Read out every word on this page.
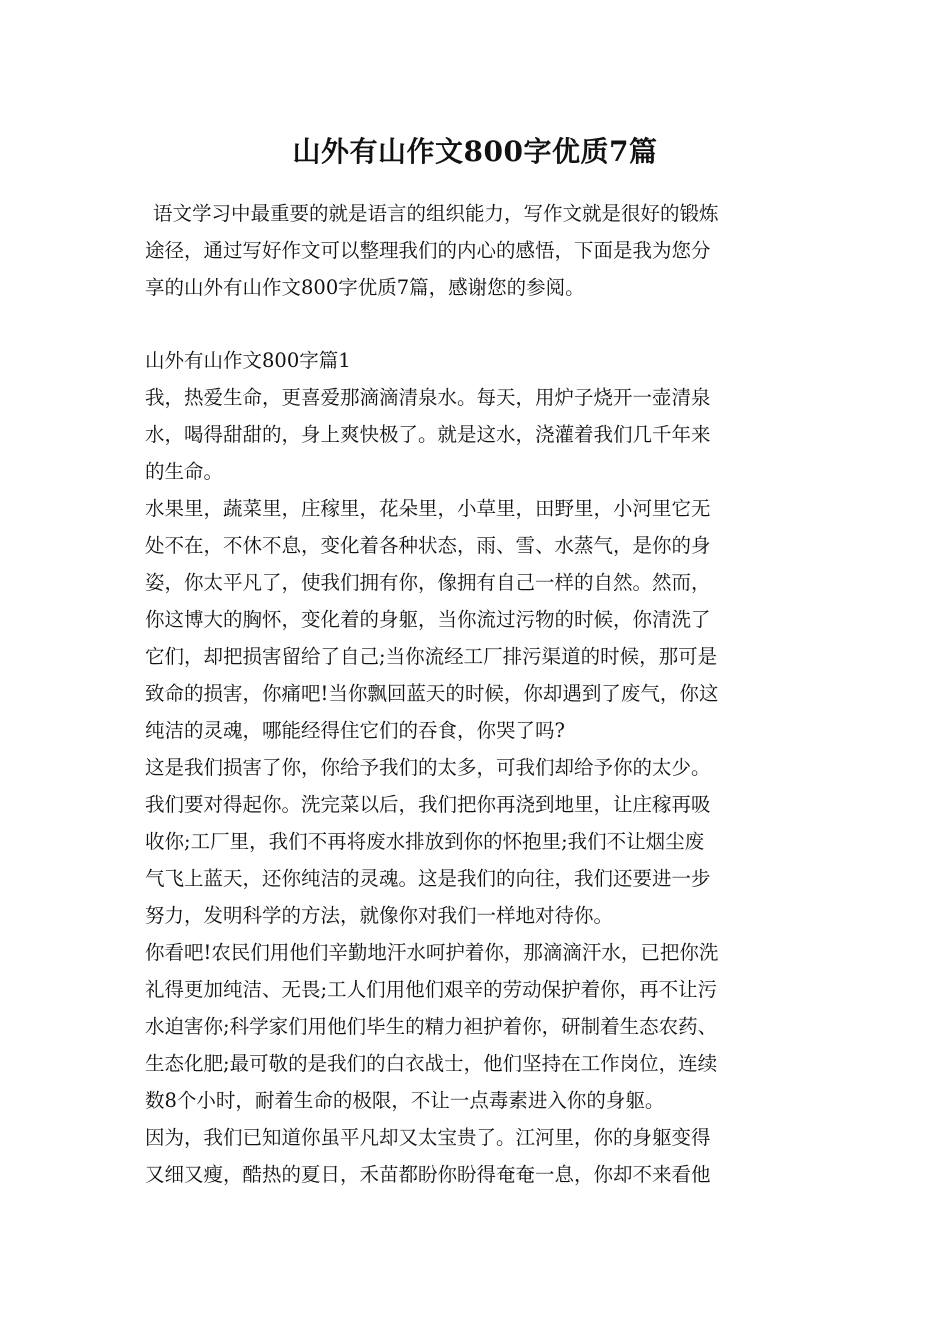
山外有山作文800字优质7篇
语文学习中最重要的就是语言的组织能力，写作文就是很好的锻炼
途径，通过写好作文可以整理我们的内心的感悟，下面是我为您分
享的山外有山作文800字优质7篇，感谢您的参阅。
山外有山作文800字篇1
我，热爱生命，更喜爱那滴滴清泉水。每天，用炉子烧开一壶清泉
水，喝得甜甜的，身上爽快极了。就是这水，浇灌着我们几千年来
的生命。
水果里，蔬菜里，庄稼里，花朵里，小草里，田野里，小河里它无
处不在，不休不息，变化着各种状态，雨、雪、水蒸气，是你的身
姿，你太平凡了，使我们拥有你，像拥有自己一样的自然。然而，
你这博大的胸怀，变化着的身躯，当你流过污物的时候，你清洗了
它们，却把损害留给了自己;当你流经工厂排污渠道的时候，那可是
致命的损害，你痛吧!当你飘回蓝天的时候，你却遇到了废气，你这
纯洁的灵魂，哪能经得住它们的吞食，你哭了吗?
这是我们损害了你，你给予我们的太多，可我们却给予你的太少。
我们要对得起你。洗完菜以后，我们把你再浇到地里，让庄稼再吸
收你;工厂里，我们不再将废水排放到你的怀抱里;我们不让烟尘废
气飞上蓝天，还你纯洁的灵魂。这是我们的向往，我们还要进一步
努力，发明科学的方法，就像你对我们一样地对待你。
你看吧!农民们用他们辛勤地汗水呵护着你，那滴滴汗水，已把你洗
礼得更加纯洁、无畏;工人们用他们艰辛的劳动保护着你，再不让污
水迫害你;科学家们用他们毕生的精力袒护着你，研制着生态农药、
生态化肥;最可敬的是我们的白衣战士，他们坚持在工作岗位，连续
数8个小时，耐着生命的极限，不让一点毒素进入你的身躯。
因为，我们已知道你虽平凡却又太宝贵了。江河里，你的身躯变得
又细又瘦，酷热的夏日，禾苗都盼你盼得奄奄一息，你却不来看他
